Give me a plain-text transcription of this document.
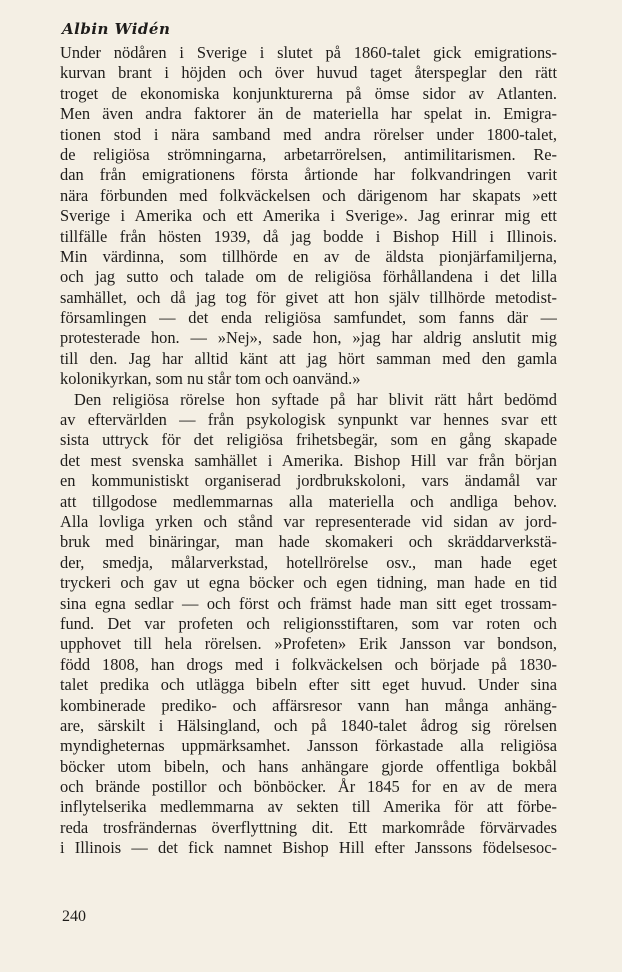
Albin Widén
Under nödåren i Sverige i slutet på 1860-talet gick emigrations-
kurvan brant i höjden och över huvud taget återspeglar den rätt
troget de ekonomiska konjunkturerna på ömse sidor av Atlanten.
Men även andra faktorer än de materiella har spelat in. Emigra-
tionen stod i nära samband med andra rörelser under 1800-talet,
de religiösa strömningarna, arbetarrörelsen, antimilitarismen. Re-
dan från emigrationens första årtionde har folkvandringen varit
nära förbunden med folkväckelsen och därigenom har skapats »ett
Sverige i Amerika och ett Amerika i Sverige». Jag erinrar mig ett
tillfälle från hösten 1939, då jag bodde i Bishop Hill i Illinois.
Min värdinna, som tillhörde en av de äldsta pionjärfamiljerna,
och jag sutto och talade om de religiösa förhållandena i det lilla
samhället, och då jag tog för givet att hon själv tillhörde metodist-
församlingen — det enda religiösa samfundet, som fanns där —
protesterade hon. — »Nej», sade hon, »jag har aldrig anslutit mig
till den. Jag har alltid känt att jag hört samman med den gamla
kolonikyrkan, som nu står tom och oanvänd.»
Den religiösa rörelse hon syftade på har blivit rätt hårt bedömd
av eftervärlden — från psykologisk synpunkt var hennes svar ett
sista uttryck för det religiösa frihetsbegär, som en gång skapade
det mest svenska samhället i Amerika. Bishop Hill var från början
en kommunistiskt organiserad jordbrukskoloni, vars ändamål var
att tillgodose medlemmarnas alla materiella och andliga behov.
Alla lovliga yrken och stånd var representerade vid sidan av jord-
bruk med binäringar, man hade skomakeri och skräddarverkstä-
der, smedja, målarverkstad, hotellrörelse osv., man hade eget
tryckeri och gav ut egna böcker och egen tidning, man hade en tid
sina egna sedlar — och först och främst hade man sitt eget trossam-
fund. Det var profeten och religionsstiftaren, som var roten och
upphovet till hela rörelsen. »Profeten» Erik Jansson var bondson,
född 1808, han drogs med i folkväckelsen och började på 1830-
talet predika och utlägga bibeln efter sitt eget huvud. Under sina
kombinerade prediko- och affärsresor vann han många anhäng-
are, särskilt i Hälsingland, och på 1840-talet ådrog sig rörelsen
myndigheternas uppmärksamhet. Jansson förkastade alla religiösa
böcker utom bibeln, och hans anhängare gjorde offentliga bokbål
och brände postillor och bönböcker. År 1845 for en av de mera
inflytelserika medlemmarna av sekten till Amerika för att förbe-
reda trosfrändernas överflyttning dit. Ett markområde förvärvades
i Illinois — det fick namnet Bishop Hill efter Janssons födelsesoc-
240
